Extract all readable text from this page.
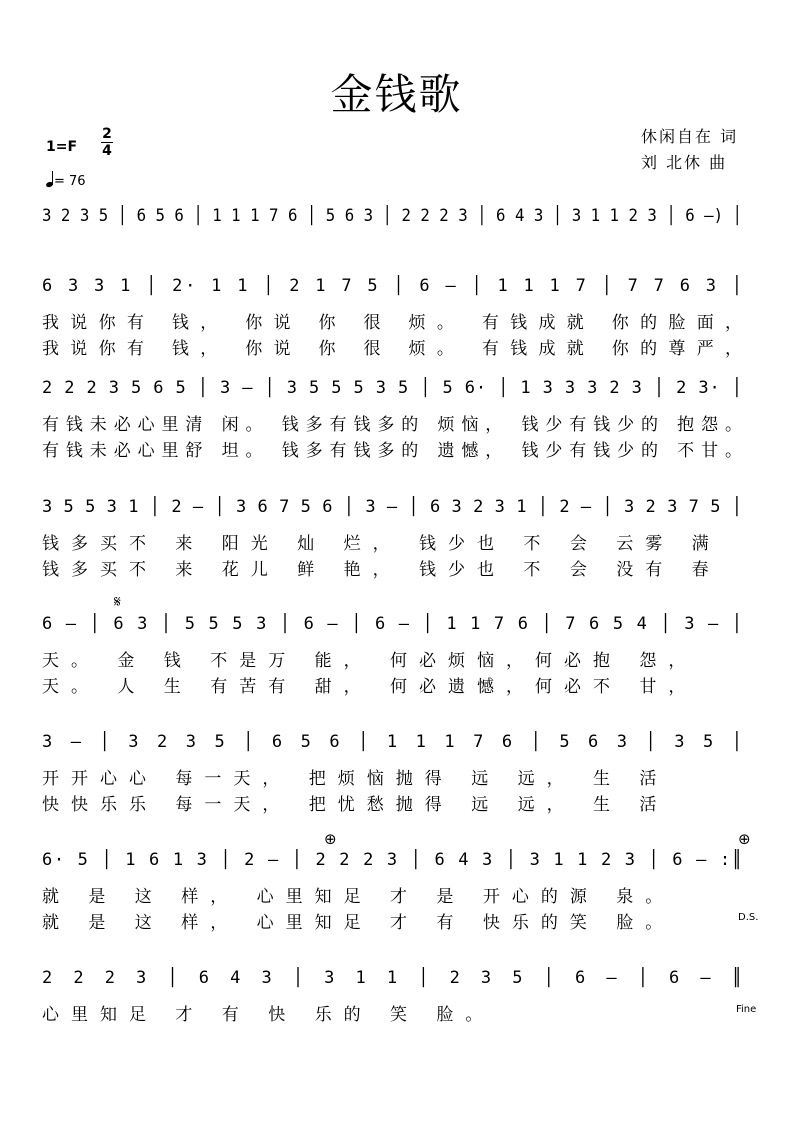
金钱歌
休闲自在 词
刘 北休 曲
1=F
2
4
= 76
3 2 3 5 │ 6 5 6 │ 1 1 1 7 6 │ 5 6 3 │ 2 2 2 3 │ 6 4 3 │ 3 1 1 2 3 │ 6 —) │
6 3 3 1 │ 2· 1 1 │ 2 1 7 5 │ 6 — │ 1 1 1 7 │ 7 7 6 3 │
我说你有 钱， 你说 你 很 烦。 有钱成就 你的脸面，
我说你有 钱， 你说 你 很 烦。 有钱成就 你的尊严，
2 2 2 3 5 6 5 │ 3 — │ 3 5 5 5 3 5 │ 5 6· │ 1 3 3 3 2 3 │ 2 3· │
有钱未必心里清 闲。 钱多有钱多的 烦恼， 钱少有钱少的 抱怨。
有钱未必心里舒 坦。 钱多有钱多的 遗憾， 钱少有钱少的 不甘。
3 5 5 3 1 │ 2 — │ 3 6 7 5 6 │ 3 — │ 6 3 2 3 1 │ 2 — │ 3 2 3 7 5 │
钱多买不 来 阳光 灿 烂， 钱少也 不 会 云雾 满
钱多买不 来 花儿 鲜 艳， 钱少也 不 会 没有 春
𝄋
6 — │ 6 3 │ 5 5 5 3 │ 6 — │ 6 — │ 1 1 7 6 │ 7 6 5 4 │ 3 — │
天。 金 钱 不是万 能， 何必烦恼，何必抱 怨，
天。 人 生 有苦有 甜， 何必遗憾，何必不 甘，
3 — │ 3 2 3 5 │ 6 5 6 │ 1 1 1 7 6 │ 5 6 3 │ 3 5 │
开开心心 每一天， 把烦恼抛得 远 远， 生 活
快快乐乐 每一天， 把忧愁抛得 远 远， 生 活
⊕	⊕
6· 5 │ 1 6 1 3 │ 2 — │ 2 2 2 3 │ 6 4 3 │ 3 1 1 2 3 │ 6 — :║
就 是 这 样， 心里知足 才 是 开心的源 泉。
就 是 这 样， 心里知足 才 有 快乐的笑 脸。	D.S.
2 2 2 3 │ 6 4 3 │ 3 1 1 │ 2 3 5 │ 6 — │ 6 — ║
心里知足 才 有 快 乐的 笑 脸。	Fine
